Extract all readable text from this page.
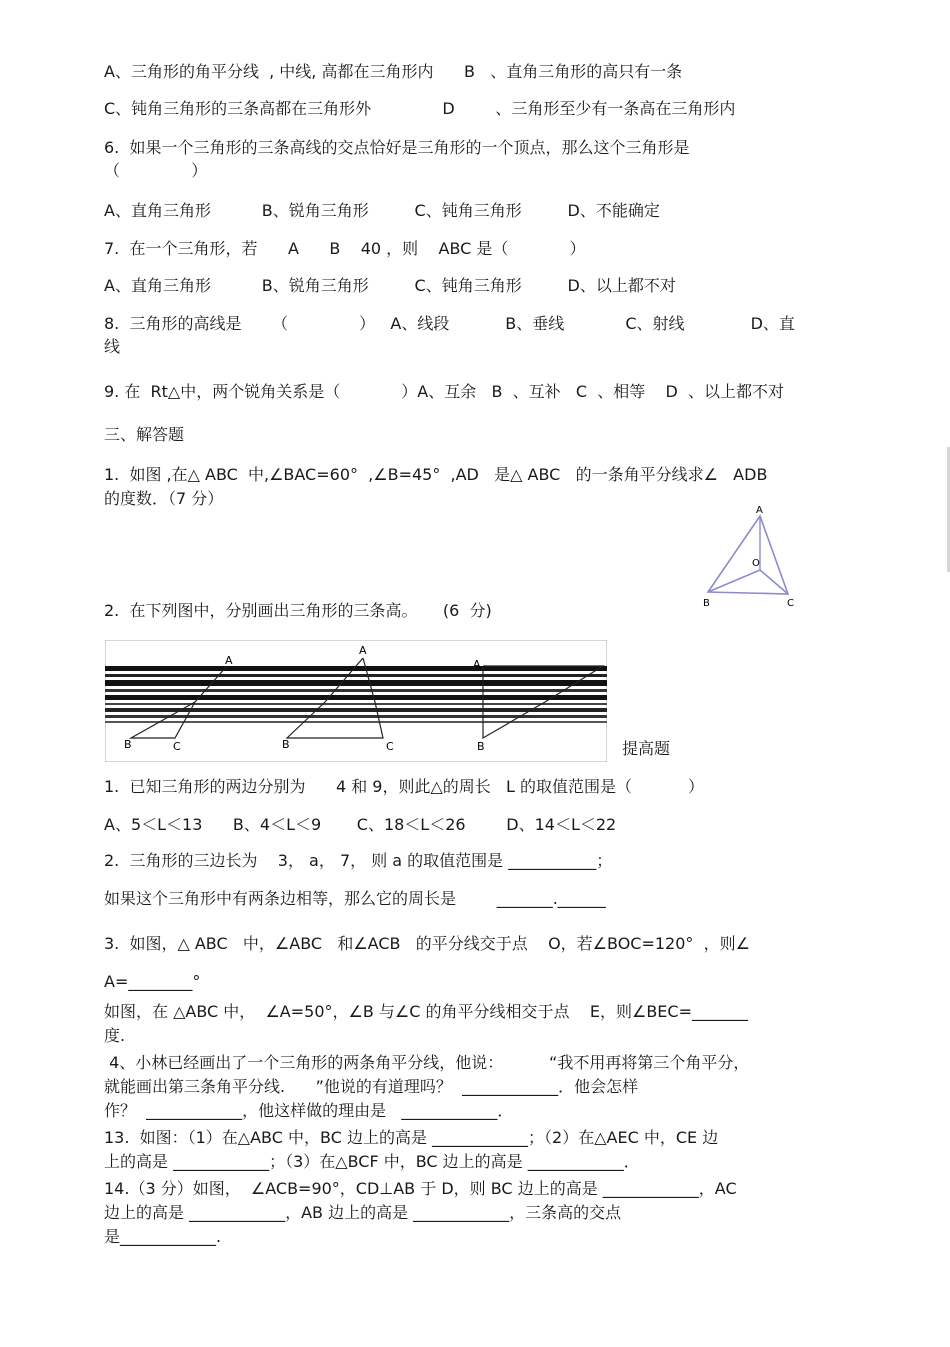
A、三角形的角平分线  , 中线, 高都在三角形内      B   、直角三角形的高只有一条
C、钝角三角形的三条高都在三角形外              D        、三角形至少有一条高在三角形内
6.  如果一个三角形的三条高线的交点恰好是三角形的一个顶点，那么这个三角形是
（              ）
A、直角三角形          B、锐角三角形         C、钝角三角形         D、不能确定
7.  在一个三角形，若      A      B    40 ，则    ABC 是（            ）
A、直角三角形          B、锐角三角形         C、钝角三角形         D、以上都不对
8.  三角形的高线是      （              ）   A、线段           B、垂线            C、射线             D、直
线
9. 在  Rt△中，两个锐角关系是（            ）A、互余   B  、互补   C  、相等    D  、以上都不对
三、解答题
1.  如图 ,在△ ABC  中,∠BAC=60°  ,∠B=45°  ,AD   是△ ABC   的一条角平分线求∠   ADB
的度数．（7 分）
A
O
B	C
2.  在下列图中，分别画出三角形的三条高。     (6  分)
A
B	C
A
B	C
A
B	提高题
1.  已知三角形的两边分别为      4 和 9，则此△的周长   L 的取值范围是（           ）
A、5＜L＜13      B、4＜L＜9       C、18＜L＜26        D、14＜L＜22
2.  三角形的三边长为    3， a， 7， 则 a 的取值范围是 ___________；
如果这个三角形中有两条边相等，那么它的周长是        _______.______
3.  如图，△ ABC   中，∠ABC   和∠ACB   的平分线交于点    O，若∠BOC=120°  ，则∠
A=________°
如图，在 △ABC 中，  ∠A=50°，∠B 与∠C 的角平分线相交于点    E，则∠BEC=_______
度.
4、小林已经画出了一个三角形的两条角平分线，他说：         “我不用再将第三个角平分，
就能画出第三条角平分线.      ”他说的有道理吗？  ____________．他会怎样
作？  ____________，他这样做的理由是   ____________．
13.  如图：（1）在△ABC 中，BC 边上的高是 ____________；（2）在△AEC 中，CE 边
上的高是 ____________；（3）在△BCF 中，BC 边上的高是 ____________．
14.（3 分）如图，  ∠ACB=90°，CD⊥AB 于 D，则 BC 边上的高是 ____________，AC
边上的高是 ____________，AB 边上的高是 ____________，三条高的交点
是____________.
